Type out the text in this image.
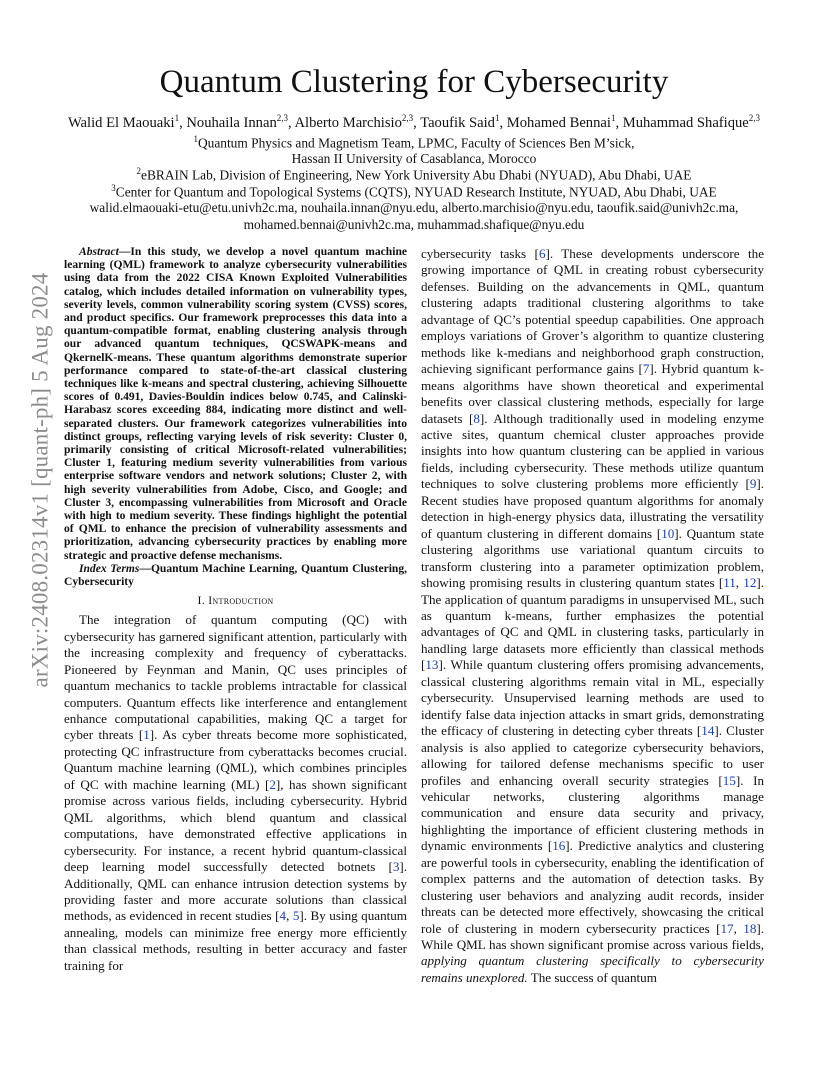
arXiv:2408.02314v1 [quant-ph] 5 Aug 2024
Quantum Clustering for Cybersecurity
Walid El Maouaki$^1$, Nouhaila Innan$^{2,3}$, Alberto Marchisio$^{2,3}$, Taoufik Said$^1$, Mohamed Bennai$^1$, Muhammad Shafique$^{2,3}$
$^1$Quantum Physics and Magnetism Team, LPMC, Faculty of Sciences Ben M’sick,
Hassan II University of Casablanca, Morocco
$^2$eBRAIN Lab, Division of Engineering, New York University Abu Dhabi (NYUAD), Abu Dhabi, UAE
$^3$Center for Quantum and Topological Systems (CQTS), NYUAD Research Institute, NYUAD, Abu Dhabi, UAE
walid.elmaouaki-etu@etu.univh2c.ma, nouhaila.innan@nyu.edu, alberto.marchisio@nyu.edu, taoufik.said@univh2c.ma,
mohamed.bennai@univh2c.ma, muhammad.shafique@nyu.edu

Abstract—In this study, we develop a novel quantum machine learning (QML) framework to analyze cybersecurity vulnerabilities using data from the 2022 CISA Known Exploited Vulnerabilities catalog, which includes detailed information on vulnerability types, severity levels, common vulnerability scoring system (CVSS) scores, and product specifics. Our framework preprocesses this data into a quantum-compatible format, enabling clustering analysis through our advanced quantum techniques, QCSWAPK-means and QkernelK-means. These quantum algorithms demonstrate superior performance compared to state-of-the-art classical clustering techniques like k-means and spectral clustering, achieving Silhouette scores of 0.491, Davies-Bouldin indices below 0.745, and Calinski-Harabasz scores exceeding 884, indicating more distinct and well-separated clusters. Our framework categorizes vulnerabilities into distinct groups, reflecting varying levels of risk severity: Cluster 0, primarily consisting of critical Microsoft-related vulnerabilities; Cluster 1, featuring medium severity vulnerabilities from various enterprise software vendors and network solutions; Cluster 2, with high severity vulnerabilities from Adobe, Cisco, and Google; and Cluster 3, encompassing vulnerabilities from Microsoft and Oracle with high to medium severity. These findings highlight the potential of QML to enhance the precision of vulnerability assessments and prioritization, advancing cybersecurity practices by enabling more strategic and proactive defense mechanisms.

Index Terms—Quantum Machine Learning, Quantum Clustering, Cybersecurity

I. Introduction

The integration of quantum computing (QC) with cybersecurity has garnered significant attention, particularly with the increasing complexity and frequency of cyberattacks. Pioneered by Feynman and Manin, QC uses principles of quantum mechanics to tackle problems intractable for classical computers. Quantum effects like interference and entanglement enhance computational capabilities, making QC a target for cyber threats [1]. As cyber threats become more sophisticated, protecting QC infrastructure from cyberattacks becomes crucial. Quantum machine learning (QML), which combines principles of QC with machine learning (ML) [2], has shown significant promise across various fields, including cybersecurity. Hybrid QML algorithms, which blend quantum and classical computations, have demonstrated effective applications in cybersecurity. For instance, a recent hybrid quantum-classical deep learning model successfully detected botnets [3]. Additionally, QML can enhance intrusion detection systems by providing faster and more accurate solutions than classical methods, as evidenced in recent studies [4, 5]. By using quantum annealing, models can minimize free energy more efficiently than classical methods, resulting in better accuracy and faster training for

cybersecurity tasks [6]. These developments underscore the growing importance of QML in creating robust cybersecurity defenses. Building on the advancements in QML, quantum clustering adapts traditional clustering algorithms to take advantage of QC’s potential speedup capabilities. One approach employs variations of Grover’s algorithm to quantize clustering methods like k-medians and neighborhood graph construction, achieving significant performance gains [7]. Hybrid quantum k-means algorithms have shown theoretical and experimental benefits over classical clustering methods, especially for large datasets [8]. Although traditionally used in modeling enzyme active sites, quantum chemical cluster approaches provide insights into how quantum clustering can be applied in various fields, including cybersecurity. These methods utilize quantum techniques to solve clustering problems more efficiently [9]. Recent studies have proposed quantum algorithms for anomaly detection in high-energy physics data, illustrating the versatility of quantum clustering in different domains [10]. Quantum state clustering algorithms use variational quantum circuits to transform clustering into a parameter optimization problem, showing promising results in clustering quantum states [11, 12]. The application of quantum paradigms in unsupervised ML, such as quantum k-means, further emphasizes the potential advantages of QC and QML in clustering tasks, particularly in handling large datasets more efficiently than classical methods [13]. While quantum clustering offers promising advancements, classical clustering algorithms remain vital in ML, especially cybersecurity. Unsupervised learning methods are used to identify false data injection attacks in smart grids, demonstrating the efficacy of clustering in detecting cyber threats [14]. Cluster analysis is also applied to categorize cybersecurity behaviors, allowing for tailored defense mechanisms specific to user profiles and enhancing overall security strategies [15]. In vehicular networks, clustering algorithms manage communication and ensure data security and privacy, highlighting the importance of efficient clustering methods in dynamic environments [16]. Predictive analytics and clustering are powerful tools in cybersecurity, enabling the identification of complex patterns and the automation of detection tasks. By clustering user behaviors and analyzing audit records, insider threats can be detected more effectively, showcasing the critical role of clustering in modern cybersecurity practices [17, 18]. While QML has shown significant promise across various fields, applying quantum clustering specifically to cybersecurity remains unexplored. The success of quantum
